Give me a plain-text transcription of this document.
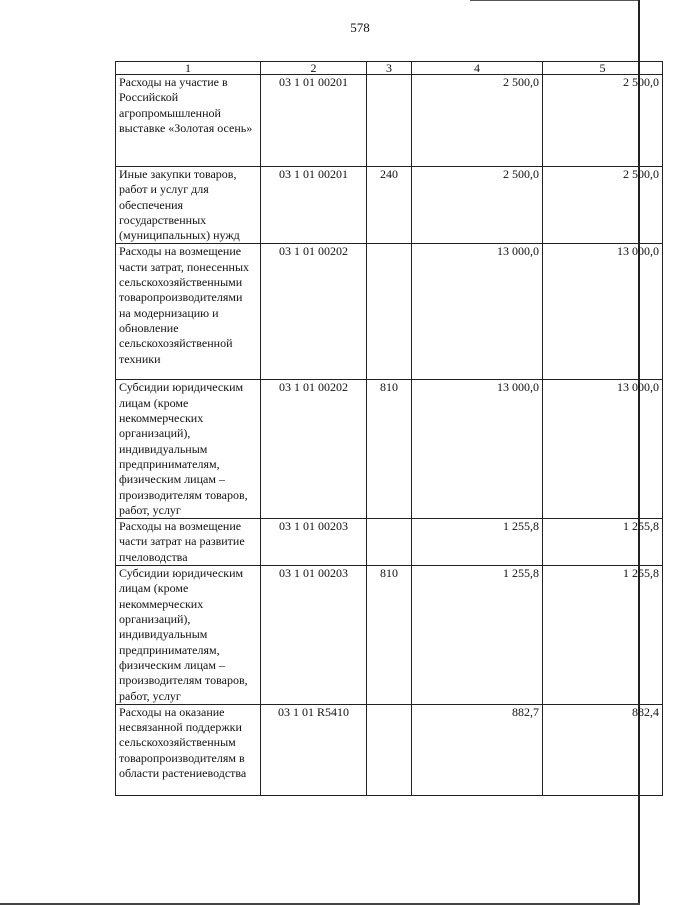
578
1	2	3	4	5
Расходы на участие в Российской агропромышленной выставке «Золотая осень»	03 1 01 00201		2 500,0	2 500,0
Иные закупки товаров, работ и услуг для обеспечения государственных (муниципальных) нужд	03 1 01 00201	240	2 500,0	2 500,0
Расходы на возмещение части затрат, понесенных сельскохозяйственными товаропроизводителями на модернизацию и обновление сельскохозяйственной техники	03 1 01 00202		13 000,0	13 000,0
Субсидии юридическим лицам (кроме некоммерческих организаций), индивидуальным предпринимателям, физическим лицам – производителям товаров, работ, услуг	03 1 01 00202	810	13 000,0	13 000,0
Расходы на возмещение части затрат на развитие пчеловодства	03 1 01 00203		1 255,8	1 255,8
Субсидии юридическим лицам (кроме некоммерческих организаций), индивидуальным предпринимателям, физическим лицам – производителям товаров, работ, услуг	03 1 01 00203	810	1 255,8	1 255,8
Расходы на оказание несвязанной поддержки сельскохозяйственным товаропроизводителям в области растениеводства	03 1 01 R5410		882,7	882,4
